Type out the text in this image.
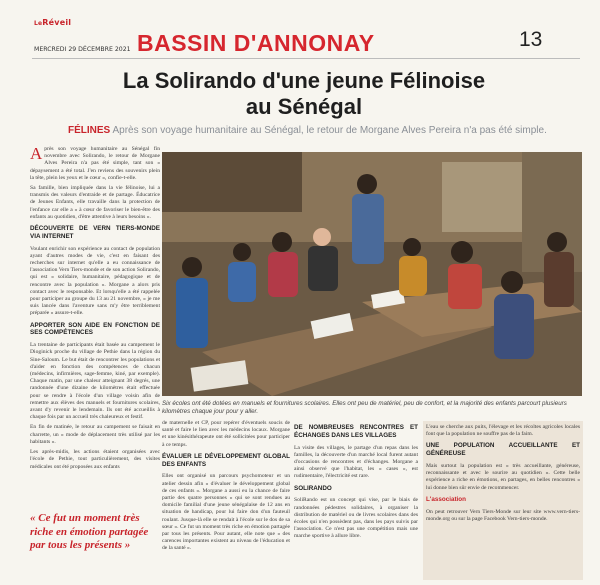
LeRéveil
MERCREDI 29 DÉCEMBRE 2021 BASSIN D'ANNONAY	13
La Solirando d'une jeune Félinoise
au Sénégal
FÉLINES Après son voyage humanitaire au Sénégal, le retour de Morgane Alves Pereira n'a pas été simple.

Après son voyage humanitaire au Sénégal fin novembre avec Solirando, le retour de Morgane Alves Pereira n'a pas été simple, tant son « dépaysement a été total. J'en reviens des souvenirs plein la tête, plein les yeux et le cœur », confie-t-elle.

Sa famille, bien impliquée dans la vie félinoise, lui a transmis des valeurs d'entraide et de partage. Éducatrice de Jeunes Enfants, elle travaille dans la protection de l'enfance car elle a « à cœur de favoriser le bien-être des enfants au quotidien, d'être attentive à leurs besoins ».

DÉCOUVERTE DE VERN TIERS-MONDE VIA INTERNET

Voulant enrichir son expérience au contact de population ayant d'autres modes de vie, c'est en faisant des recherches sur internet qu'elle a eu connaissance de l'association Vern Tiers-monde et de son action Solirando, qui est « solidaire, humanitaire, pédagogique et de rencontre avec la population ». Morgane a alors pris contact avec le responsable. Et lorsqu'elle a été rappelée pour participer au groupe du 13 au 21 novembre, « je me suis lancée dans l'aventure sans m'y être terriblement préparée » assure-t-elle.

APPORTER SON AIDE EN FONCTION DE SES COMPÉTENCES

La trentaine de participants était basée au campement le Dioginick proche du village de Pethie dans la région du Sine-Saloum. Le but était de rencontrer les populations et d'aider en fonction des compétences de chacun (médecins, infirmières, sage-femme, kiné, par exemple). Chaque matin, par une chaleur atteignant 38 degrés, une randonnée d'une dizaine de kilomètres était effectuée pour se rendre à l'école d'un village voisin afin de remettre aux élèves des manuels et fournitures scolaires, avant d'y revenir le lendemain. Ils ont été accueillis à chaque fois par un accueil très chaleureux et festif.

En fin de matinée, le retour au campement se faisait en charrette, un « mode de déplacement très utilisé par les habitants ».

Les après-midis, les actions étaient organisées avec l'école de Pethie, tout particulièrement, des visites médicales ont été proposées aux enfants

« Ce fut un moment très riche en émotion partagée par tous les présents »
Six écoles ont été dotées en manuels et fournitures scolaires. Elles ont peu de matériel, peu de confort, et la majorité des enfants parcourt plusieurs kilomètres chaque jour pour y aller.

de maternelle et CP, pour repérer d'éventuels soucis de santé et faire le lien avec les médecins locaux. Morgane et une kinésithérapeute ont été sollicitées pour participer à ce temps.

ÉVALUER LE DÉVELOPPEMENT GLOBAL DES ENFANTS

Elles ont organisé un parcours psychomoteur et un atelier dessin afin « d'évaluer le développement global de ces enfants ». Morgane a aussi eu la chance de faire partie des quatre personnes « qui se sont rendues au domicile familial d'une jeune sénégalaise de 12 ans en situation de handicap, pour lui faire don d'un fauteuil roulant. Jusque-là elle se rendait à l'école sur le dos de sa sœur ». Ce fut un moment très riche en émotion partagée par tous les présents. Pour autant, elle note que « des carences importantes existent au niveau de l'éducation et de la santé ».

DE NOMBREUSES RENCONTRES ET ÉCHANGES DANS LES VILLAGES

La visite des villages, le partage d'un repas dans les familles, la découverte d'un marché local furent autant d'occasions de rencontres et d'échanges. Morgane a ainsi observé que l'habitat, les « cases », est rudimentaire, l'électricité est rare.

SOLIRANDO

SoliRando est un concept qui vise, par le biais de randonnées pédestres solidaires, à organiser la distribution de matériel ou de livres scolaires dans des écoles qui n'en possèdent pas, dans les pays suivis par l'association. Ce n'est pas une compétition mais une marche sportive à allure libre.

L'eau se cherche aux puits, l'élevage et les récoltes agricoles locales font que la population ne souffre pas de la faim.

UNE POPULATION ACCUEILLANTE ET GÉNÉREUSE

Mais surtout la population est « très accueillante, généreuse, reconnaissante et avec le sourire au quotidien ». Cette belle expérience a riche en émotions, en partages, en belles rencontres « lui donne bien sûr envie de recommencer.

L'association

On peut retrouver Vern Tiers-Monde sur leur site www.vern-tiers-monde.org ou sur la page Facebook Vern-tiers-monde.
